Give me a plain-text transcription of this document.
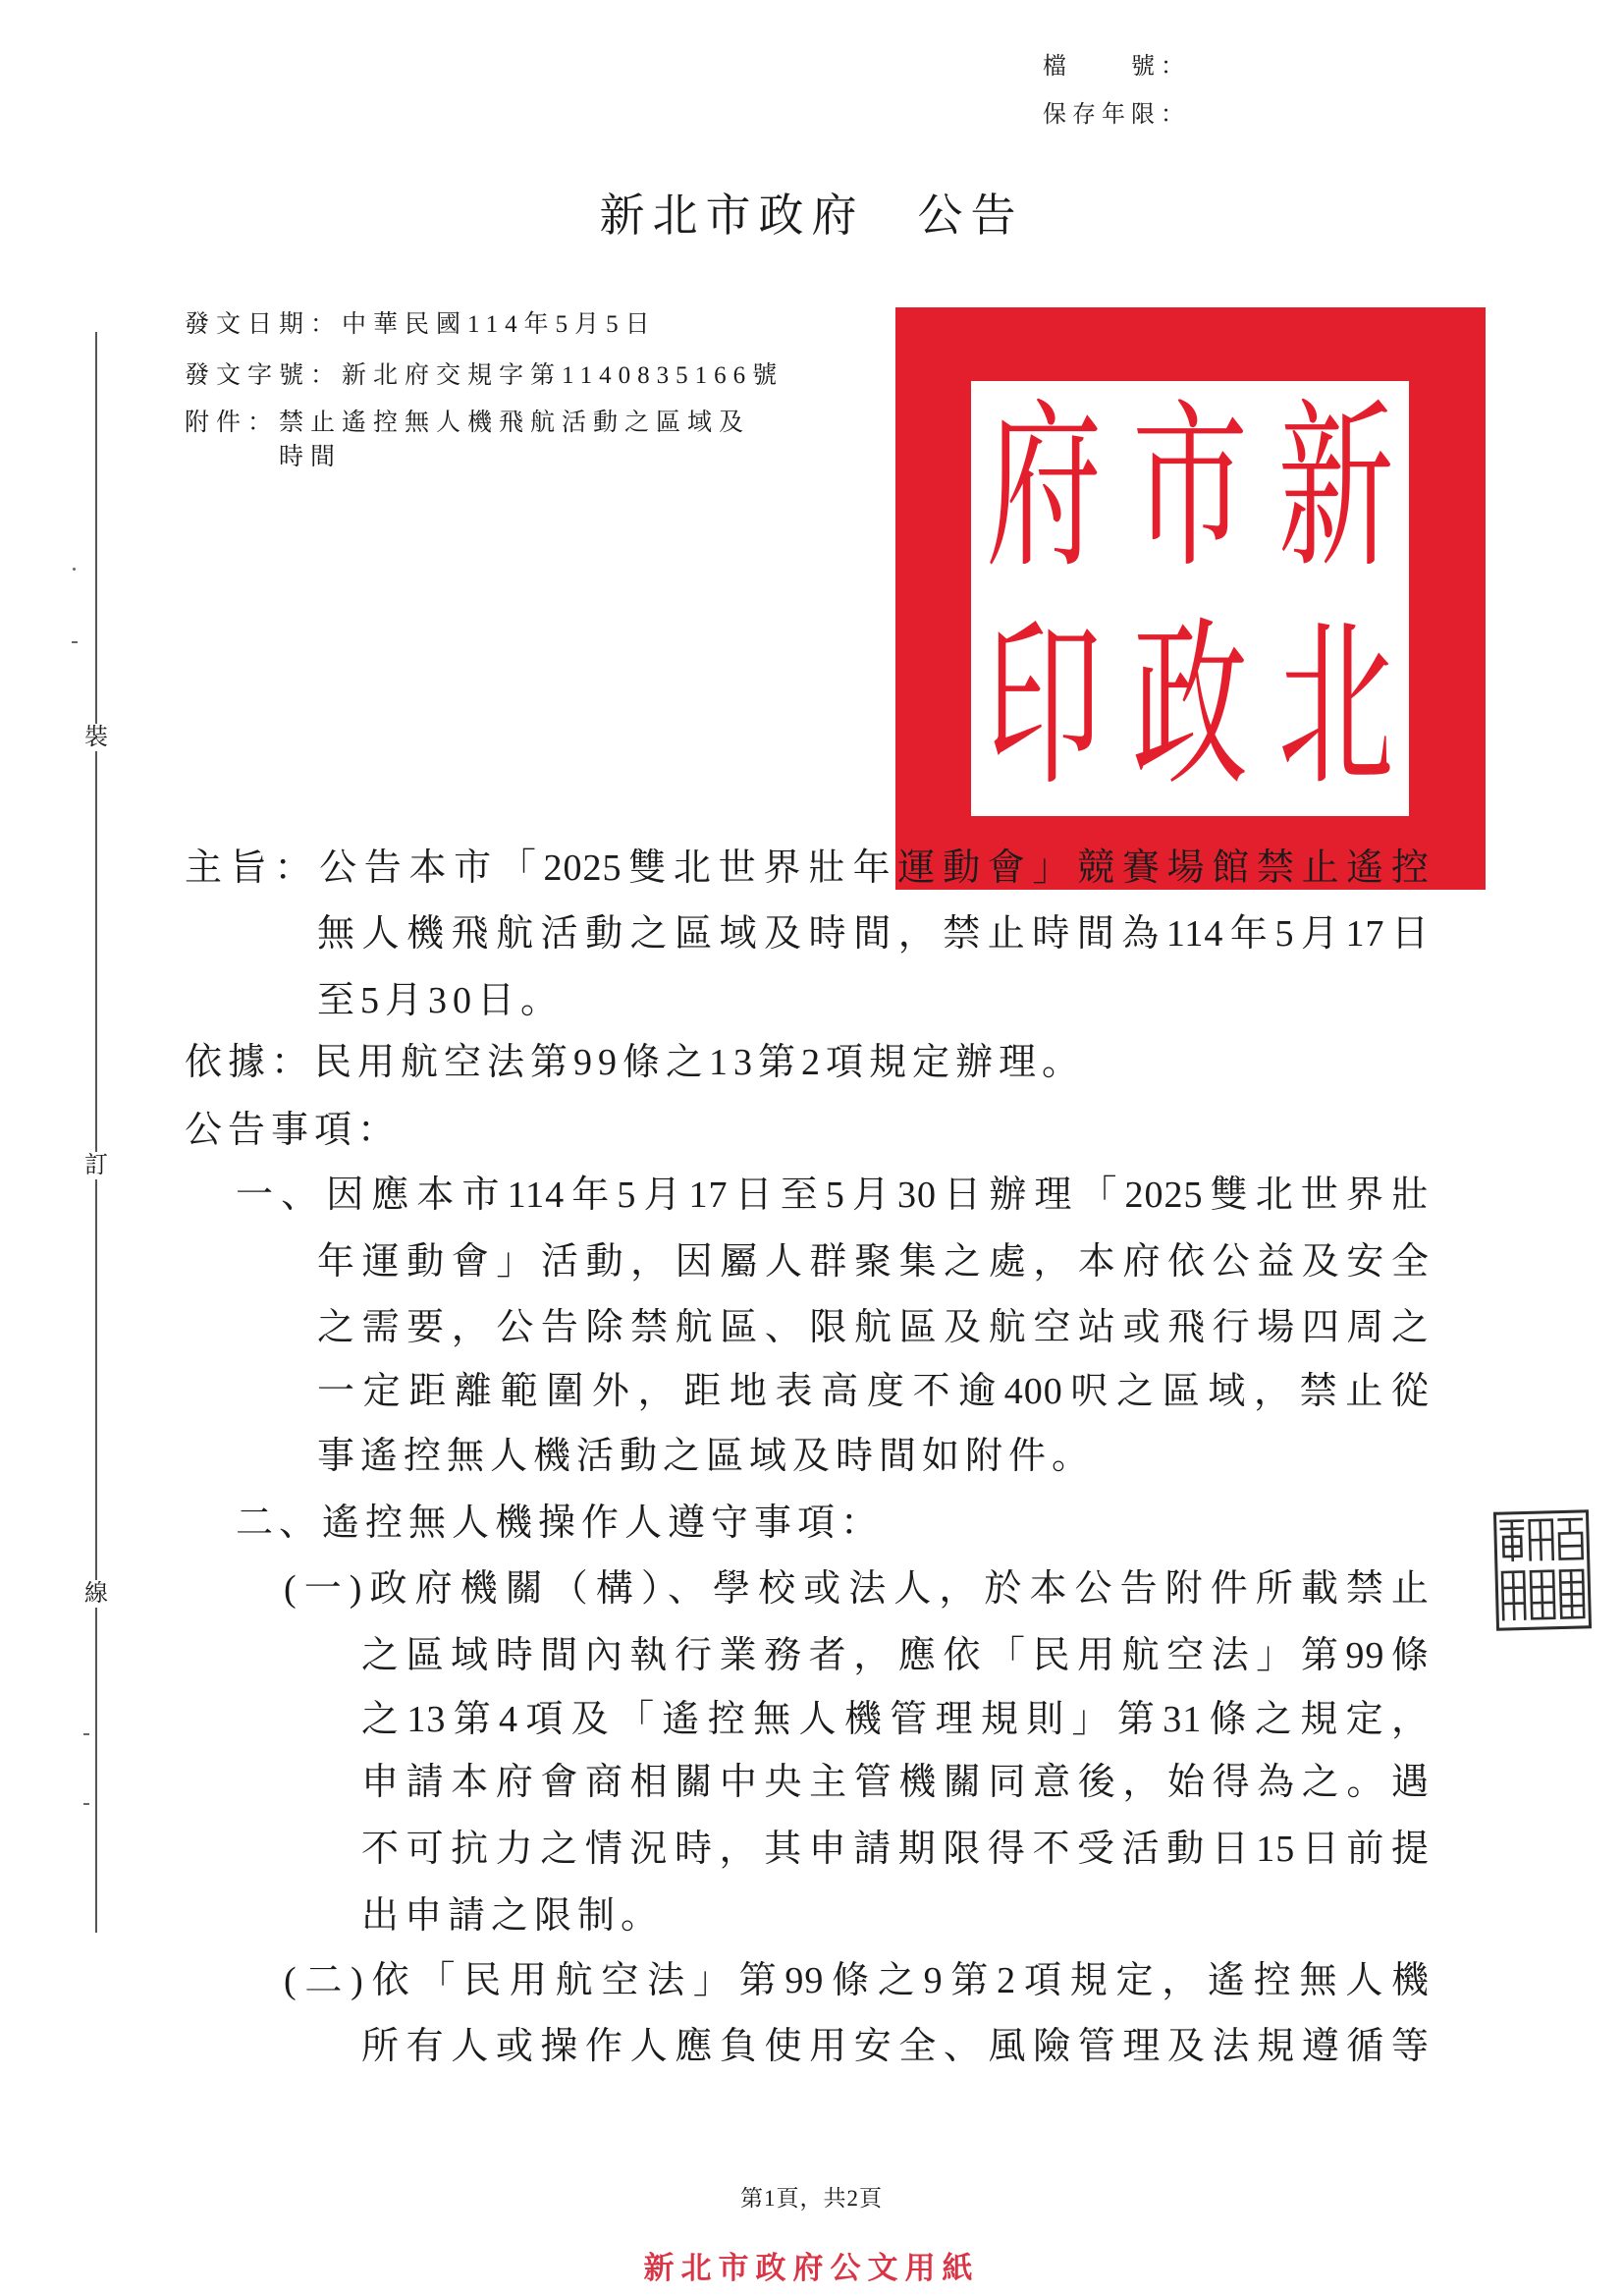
檔　　號：
保存年限：
新北市政府　公告
發文日期：中華民國114年5月5日
發文字號：新北府交規字第1140835166號
附件：禁止遙控無人機飛航活動之區域及
時間	新
北
市
政
府
印
裝
訂
線
主旨：公告本市「2025雙北世界壯年運動會」競賽場館禁止遙控
無人機飛航活動之區域及時間，禁止時間為114年5月17日
至5月30日。
依據：民用航空法第99條之13第2項規定辦理。
公告事項：
一、因應本市114年5月17日至5月30日辦理「2025雙北世界壯
年運動會」活動，因屬人群聚集之處，本府依公益及安全
之需要，公告除禁航區、限航區及航空站或飛行場四周之
一定距離範圍外，距地表高度不逾400呎之區域，禁止從
事遙控無人機活動之區域及時間如附件。
二、遙控無人機操作人遵守事項：
(一)政府機關（構）、學校或法人，於本公告附件所載禁止
之區域時間內執行業務者，應依「民用航空法」第99條
之13第4項及「遙控無人機管理規則」第31條之規定，
申請本府會商相關中央主管機關同意後，始得為之。遇
不可抗力之情況時，其申請期限得不受活動日15日前提
出申請之限制。
(二)依「民用航空法」第99條之9第2項規定，遙控無人機
所有人或操作人應負使用安全、風險管理及法規遵循等
第1頁，共2頁
新北市政府公文用紙
